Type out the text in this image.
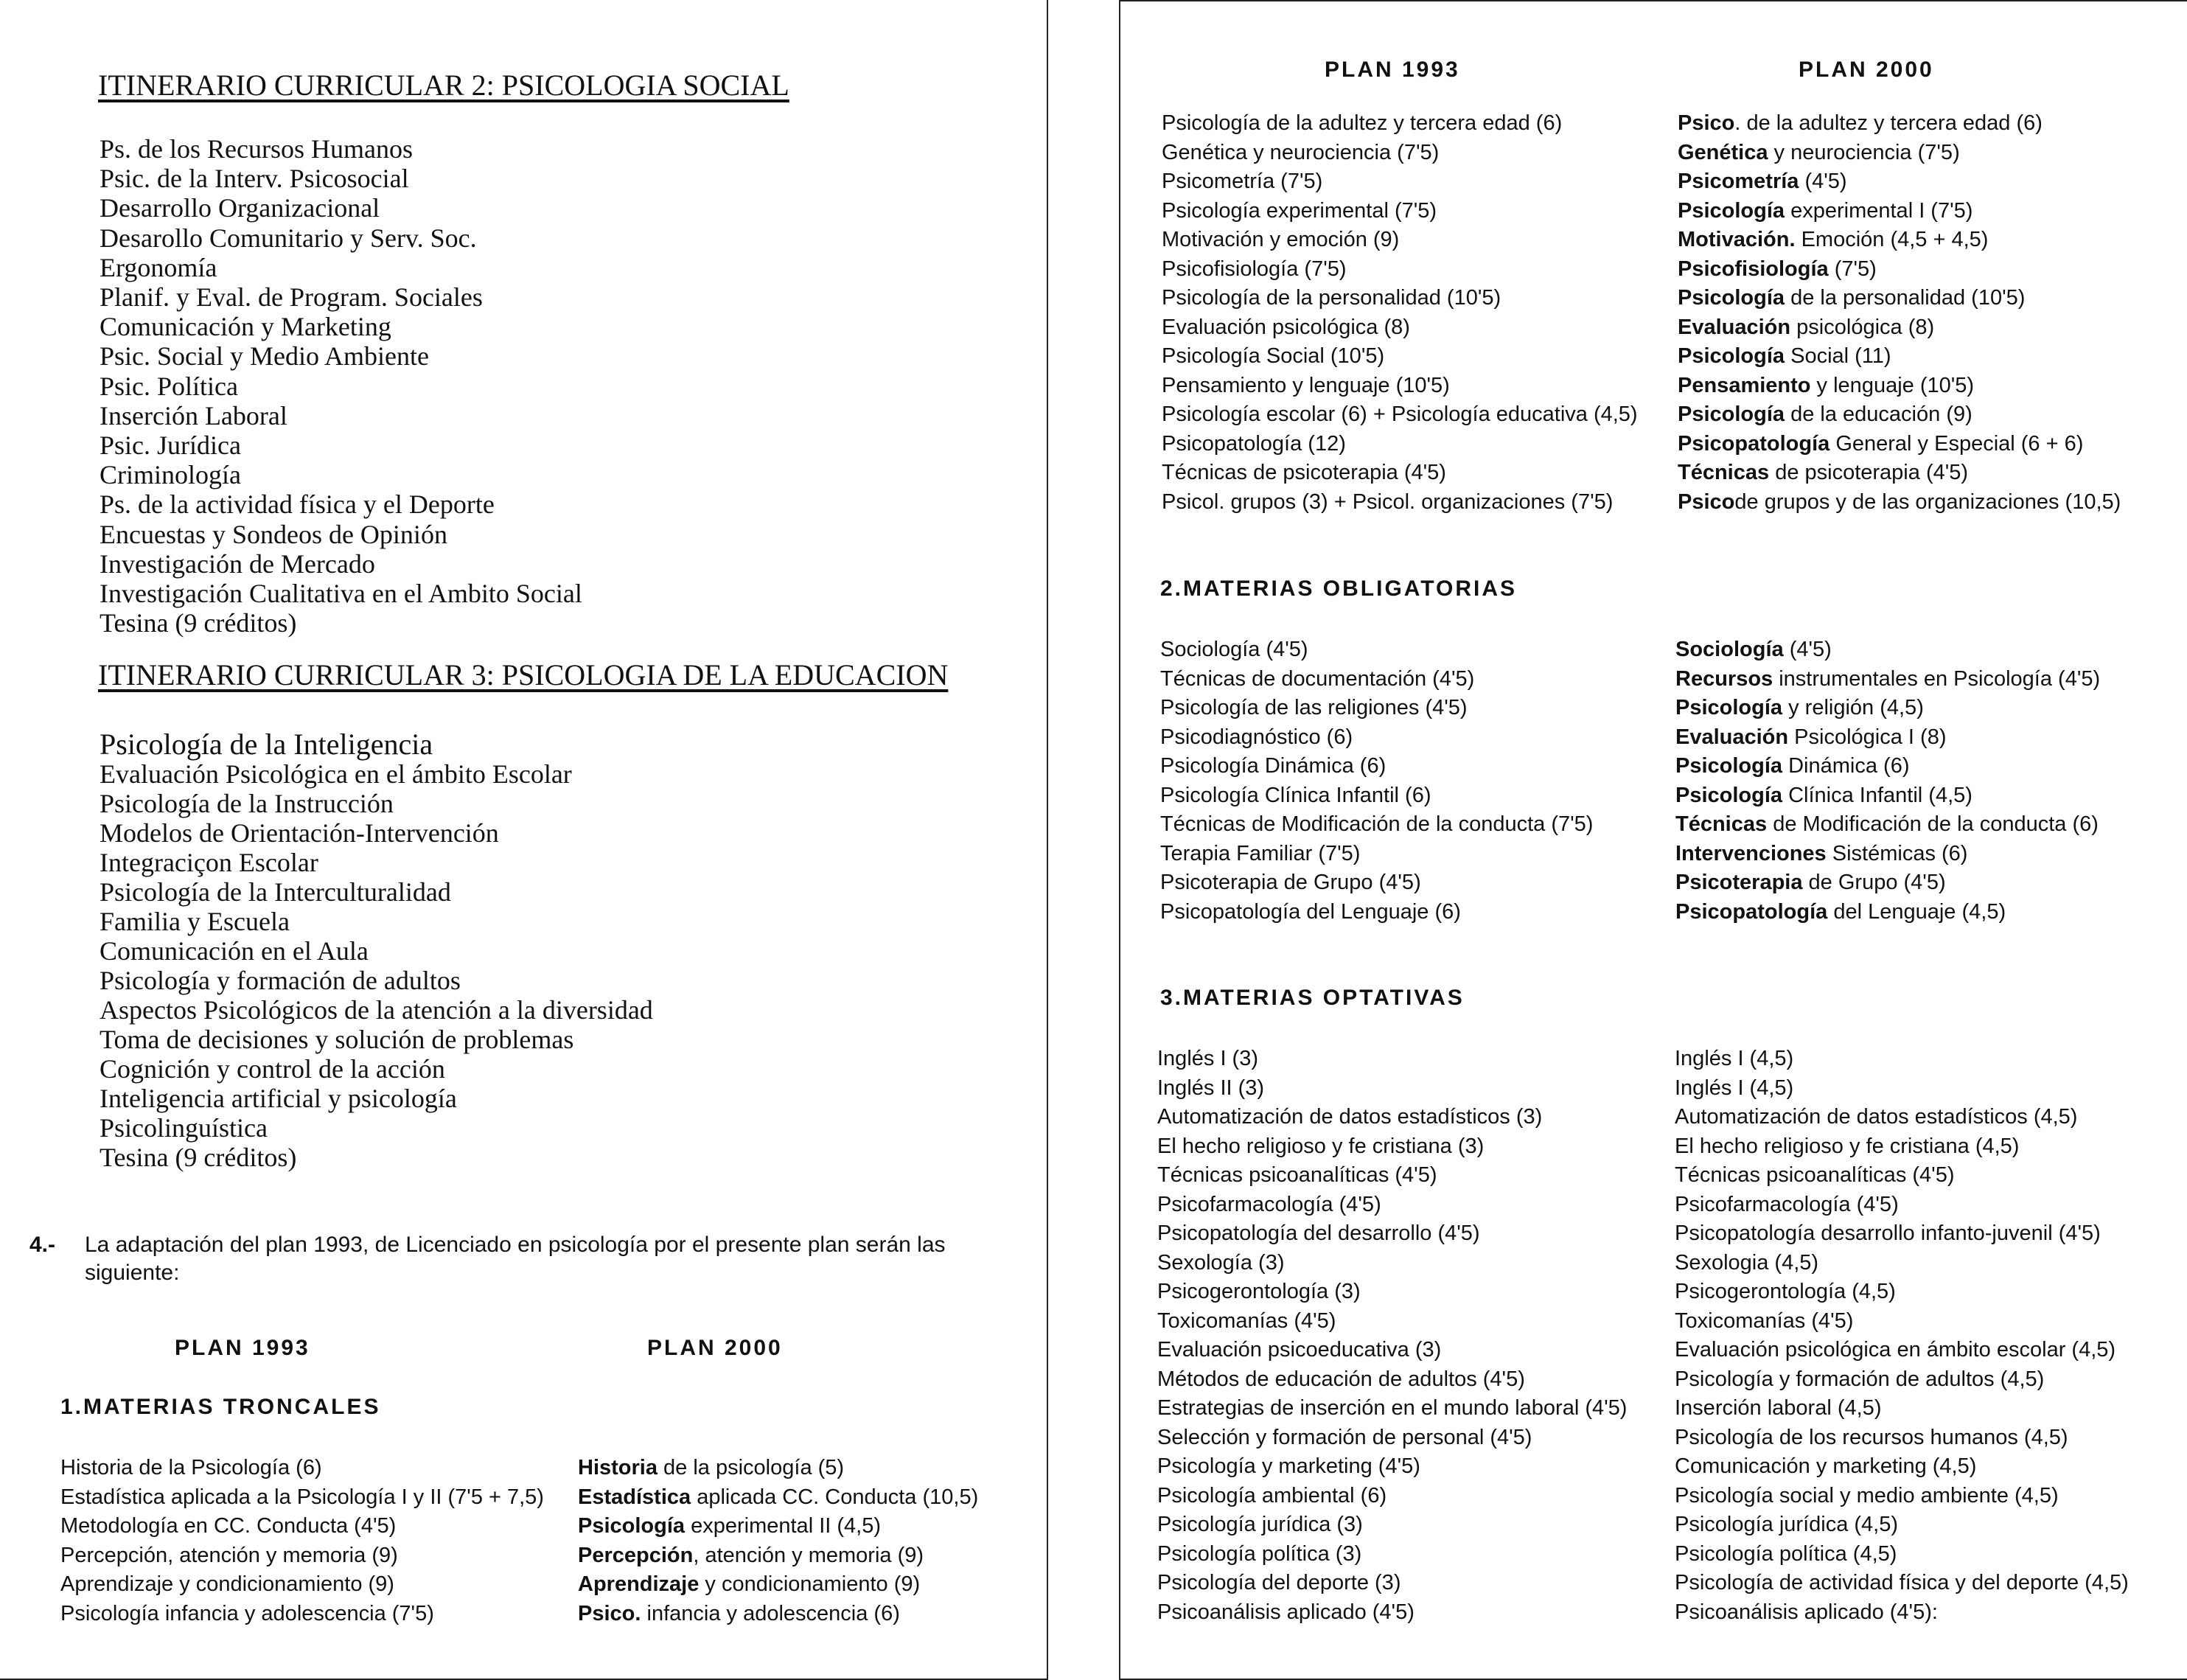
ITINERARIO CURRICULAR 2: PSICOLOGIA SOCIAL
Ps. de los Recursos Humanos
Psic. de la Interv. Psicosocial
Desarrollo Organizacional
Desarollo Comunitario y Serv. Soc.
Ergonomía
Planif. y Eval. de Program. Sociales
Comunicación y Marketing
Psic. Social y Medio Ambiente
Psic. Política
Inserción Laboral
Psic. Jurídica
Criminología
Ps. de la actividad física y el Deporte
Encuestas y Sondeos de Opinión
Investigación de Mercado
Investigación Cualitativa en el Ambito Social
Tesina (9 créditos)
ITINERARIO CURRICULAR 3: PSICOLOGIA DE LA EDUCACION
Psicología de la Inteligencia
Evaluación Psicológica en el ámbito Escolar
Psicología de la Instrucción
Modelos de Orientación-Intervención
Integraciçon Escolar
Psicología de la Interculturalidad
Familia y Escuela
Comunicación en el Aula
Psicología y formación de adultos
Aspectos Psicológicos de la atención a la diversidad
Toma de decisiones y solución de problemas
Cognición y control de la acción
Inteligencia artificial y psicología
Psicolinguística
Tesina (9 créditos)
4.- La adaptación del plan 1993, de Licenciado en psicología por el presente plan serán las siguiente:
PLAN 1993	PLAN 2000
1.MATERIAS TRONCALES
Historia de la Psicología (6)
Estadística aplicada a la Psicología I y II (7'5 + 7,5)
Metodología en CC. Conducta (4'5)
Percepción, atención y memoria (9)
Aprendizaje y condicionamiento (9)
Psicología infancia y adolescencia (7'5)
Historia de la psicología (5)
Estadística aplicada CC. Conducta (10,5)
Psicología experimental II (4,5)
Percepción, atención y memoria (9)
Aprendizaje y condicionamiento (9)
Psico. infancia y adolescencia (6)
PLAN 1993	PLAN 2000
Psicología de la adultez y tercera edad (6)
Genética y neurociencia (7'5)
Psicometría (7'5)
Psicología experimental (7'5)
Motivación y emoción (9)
Psicofisiología (7'5)
Psicología de la personalidad (10'5)
Evaluación psicológica (8)
Psicología Social (10'5)
Pensamiento y lenguaje (10'5)
Psicología escolar (6) + Psicología educativa (4,5)
Psicopatología (12)
Técnicas de psicoterapia (4'5)
Psicol. grupos (3) + Psicol. organizaciones (7'5)
Psico. de la adultez y tercera edad (6)
Genética y neurociencia (7'5)
Psicometría (4'5)
Psicología experimental I (7'5)
Motivación. Emoción (4,5 + 4,5)
Psicofisiología (7'5)
Psicología de la personalidad (10'5)
Evaluación psicológica (8)
Psicología Social (11)
Pensamiento y lenguaje (10'5)
Psicología de la educación (9)
Psicopatología General y Especial (6 + 6)
Técnicas de psicoterapia (4'5)
Psicode grupos y de las organizaciones (10,5)
2.MATERIAS OBLIGATORIAS
Sociología (4'5)
Técnicas de documentación (4'5)
Psicología de las religiones (4'5)
Psicodiagnóstico (6)
Psicología Dinámica (6)
Psicología Clínica Infantil (6)
Técnicas de Modificación de la conducta (7'5)
Terapia Familiar (7'5)
Psicoterapia de Grupo (4'5)
Psicopatología del Lenguaje (6)
Sociología (4'5)
Recursos instrumentales en Psicología (4'5)
Psicología y religión (4,5)
Evaluación Psicológica I (8)
Psicología Dinámica (6)
Psicología Clínica Infantil (4,5)
Técnicas de Modificación de la conducta (6)
Intervenciones Sistémicas (6)
Psicoterapia de Grupo (4'5)
Psicopatología del Lenguaje (4,5)
3.MATERIAS OPTATIVAS
Inglés I (3)
Inglés II (3)
Automatización de datos estadísticos (3)
El hecho religioso y fe cristiana (3)
Técnicas psicoanalíticas (4'5)
Psicofarmacología (4'5)
Psicopatología del desarrollo (4'5)
Sexología (3)
Psicogerontología (3)
Toxicomanías (4'5)
Evaluación psicoeducativa (3)
Métodos de educación de adultos (4'5)
Estrategias de inserción en el mundo laboral (4'5)
Selección y formación de personal (4'5)
Psicología y marketing (4'5)
Psicología ambiental (6)
Psicología jurídica (3)
Psicología política (3)
Psicología del deporte (3)
Psicoanálisis aplicado (4'5)
Inglés I (4,5)
Inglés I (4,5)
Automatización de datos estadísticos (4,5)
El hecho religioso y fe cristiana (4,5)
Técnicas psicoanalíticas (4'5)
Psicofarmacología (4'5)
Psicopatología desarrollo infanto-juvenil (4'5)
Sexologia (4,5)
Psicogerontología (4,5)
Toxicomanías (4'5)
Evaluación psicológica en ámbito escolar (4,5)
Psicología y formación de adultos (4,5)
Inserción laboral (4,5)
Psicología de los recursos humanos (4,5)
Comunicación y marketing (4,5)
Psicología social y medio ambiente (4,5)
Psicología jurídica (4,5)
Psicología política (4,5)
Psicología de actividad física y del deporte (4,5)
Psicoanálisis aplicado (4'5):
